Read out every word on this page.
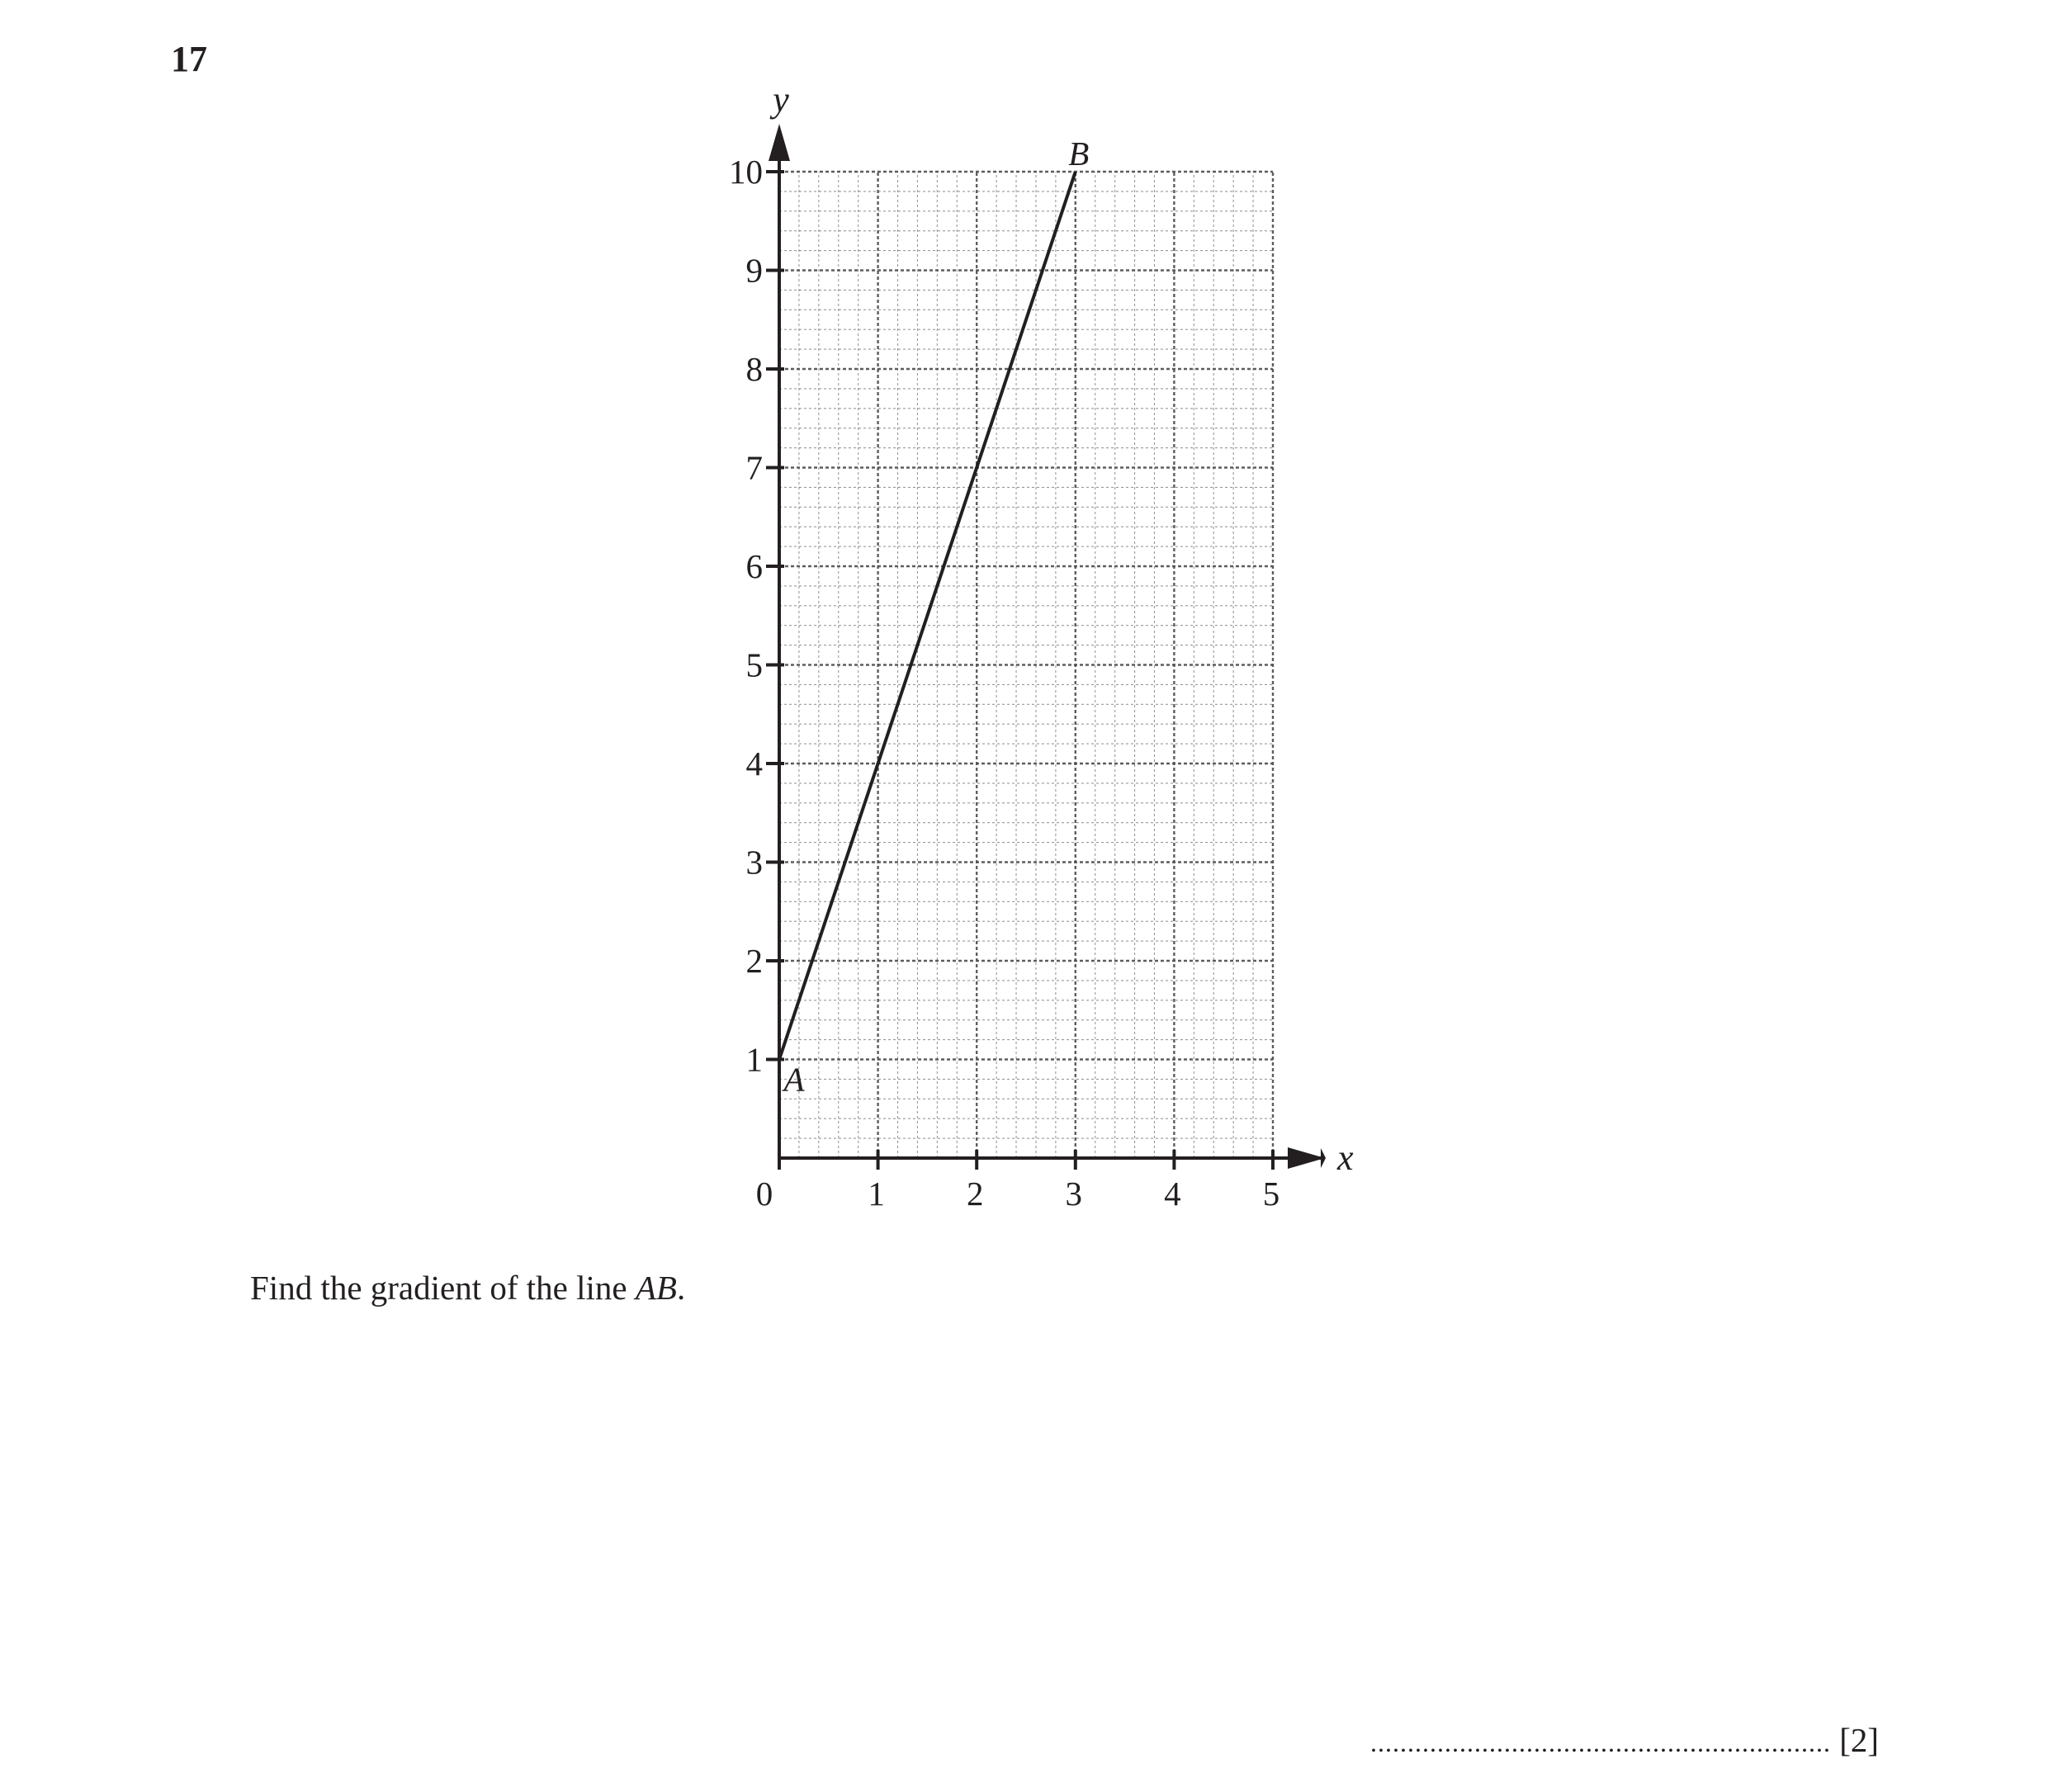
17
0	1 2 3 4 5
1
2
3
4
5
6
7
8
9
10
A
B
x
y
Find the gradient of the line AB.
.............................................................. [2]
